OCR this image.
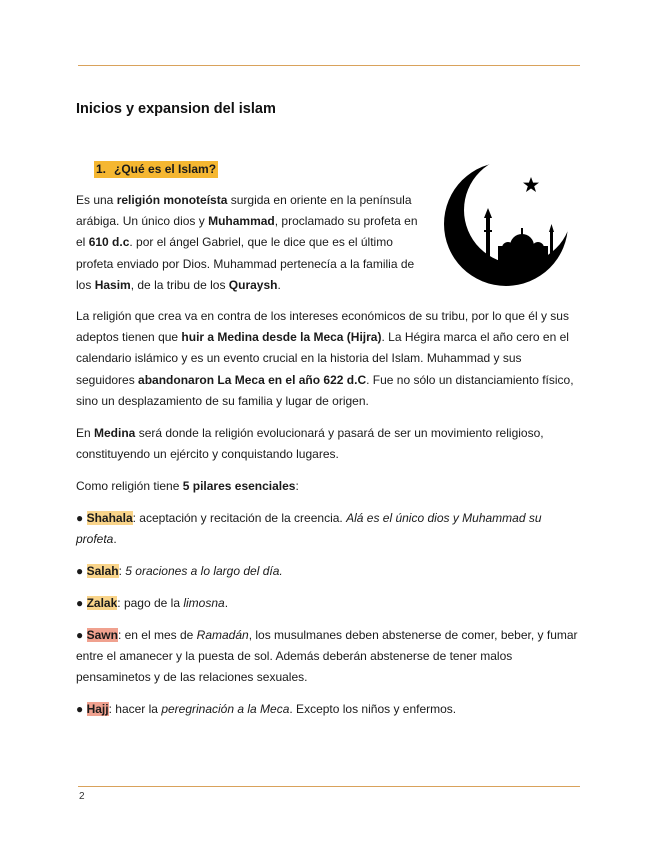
Inicios y expansion del islam
1. ¿Qué es el Islam?

Es una religión monoteísta surgida en oriente en la península arábiga. Un único dios y Muhammad, proclamado su profeta en el 610 d.c. por el ángel Gabriel, que le dice que es el último profeta enviado por Dios. Muhammad pertenecía a la familia de los Hasim, de la tribu de los Quraysh.

La religión que crea va en contra de los intereses económicos de su tribu, por lo que él y sus adeptos tienen que huir a Medina desde la Meca (Hijra). La Hégira marca el año cero en el calendario islámico y es un evento crucial en la historia del Islam. Muhammad y sus seguidores abandonaron La Meca en el año 622 d.C. Fue no sólo un distanciamiento físico, sino un desplazamiento de su familia y lugar de origen.

En Medina será donde la religión evolucionará y pasará de ser un movimiento religioso, constituyendo un ejército y conquistando lugares.

Como religión tiene 5 pilares esenciales:

● Shahala: aceptación y recitación de la creencia. Alá es el único dios y Muhammad su profeta.

● Salah: 5 oraciones a lo largo del día.

● Zalak: pago de la limosna.

● Sawn: en el mes de Ramadán, los musulmanes deben abstenerse de comer, beber, y fumar entre el amanecer y la puesta de sol. Además deberán abstenerse de tener malos pensaminetos y de las relaciones sexuales.

● Hajj: hacer la peregrinación a la Meca. Excepto los niños y enfermos.

2
